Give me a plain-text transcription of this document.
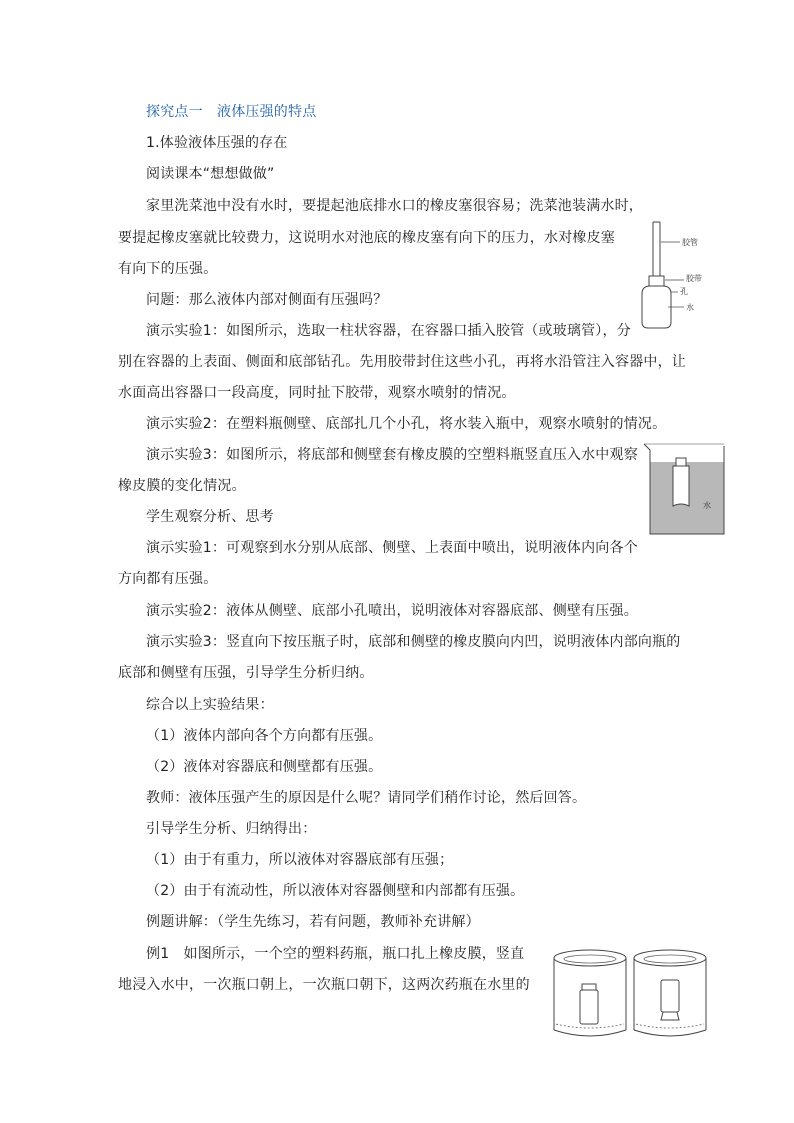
探究点一　液体压强的特点
1.体验液体压强的存在
阅读课本“想想做做”
家里洗菜池中没有水时，要提起池底排水口的橡皮塞很容易；洗菜池装满水时，
要提起橡皮塞就比较费力，这说明水对池底的橡皮塞有向下的压力，水对橡皮塞
有向下的压强。
问题：那么液体内部对侧面有压强吗？
演示实验1：如图所示，选取一柱状容器，在容器口插入胶管（或玻璃管），分
别在容器的上表面、侧面和底部钻孔。先用胶带封住这些小孔，再将水沿管注入容器中，让
水面高出容器口一段高度，同时扯下胶带，观察水喷射的情况。
演示实验2：在塑料瓶侧壁、底部扎几个小孔，将水装入瓶中，观察水喷射的情况。
演示实验3：如图所示，将底部和侧壁套有橡皮膜的空塑料瓶竖直压入水中观察
橡皮膜的变化情况。
学生观察分析、思考
演示实验1：可观察到水分别从底部、侧壁、上表面中喷出，说明液体内向各个
方向都有压强。
演示实验2：液体从侧壁、底部小孔喷出，说明液体对容器底部、侧壁有压强。
演示实验3：竖直向下按压瓶子时，底部和侧壁的橡皮膜向内凹，说明液体内部向瓶的
底部和侧壁有压强，引导学生分析归纳。
综合以上实验结果：
（1）液体内部向各个方向都有压强。
（2）液体对容器底和侧壁都有压强。
教师：液体压强产生的原因是什么呢？请同学们稍作讨论，然后回答。
引导学生分析、归纳得出：
（1）由于有重力，所以液体对容器底部有压强；
（2）由于有流动性，所以液体对容器侧壁和内部都有压强。
例题讲解：（学生先练习，若有问题，教师补充讲解）
例1　如图所示，一个空的塑料药瓶，瓶口扎上橡皮膜，竖直
地浸入水中，一次瓶口朝上，一次瓶口朝下，这两次药瓶在水里的
胶管
胶带
孔
水
水
